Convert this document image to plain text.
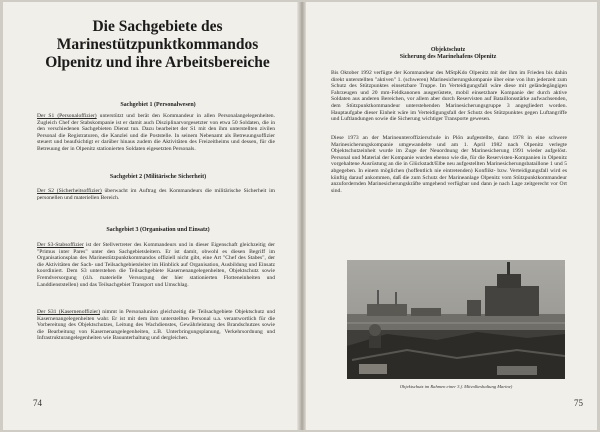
Die Sachgebiete des
Marinestützpunktkommandos
Olpenitz und ihre Arbeitsbereiche
Sachgebiet 1 (Personalwesen)
Der S1 (Personaloffizier) unterstützt und berät den Kommandeur in allen Personalangelegenheiten. Zugleich Chef der Stabskompanie ist er damit auch Disziplinarvorgesetzter von etwa 50 Soldaten, die in den verschiedenen Sachgebieten Dienst tun. Dazu bearbeitet der S1 mit den ihm unterstellten zivilen Personal die Registraturen, die Kanzlei und die Poststelle. In seinem Nebenamt als Betreuungsoffizier steuert und beaufsichtigt er darüber hinaus zudem die Aktivitäten des Freizeitheims und dessen, für die Betreuung der in Olpenitz stationierten Soldaten eigesetzten Personals.
Sachgebiet 2 (Militärische Sicherheit)
Der S2 (Sicherheitsoffizier) überwacht im Auftrag des Kommandeurs die militärische Sicherheit im personellen und materiellen Bereich.
Sachgebiet 3 (Organisation und Einsatz)
Der S3-Stabsoffizier ist der Stellvertreter des Kommandeurs und in dieser Eigenschaft gleichzeitig der "Primus inter Pares" unter den Sachgebietsleitern. Er ist damit, obwohl es diesen Begriff im Organisationsplan des Marinestützpunktkommandos offiziell nicht gibt, eine Art "Chef des Stabes", der die Aktivitäten der Sach- und Teilsachgebietsleiter im Hinblick auf Organisation, Ausbildung und Einsatz koordiniert. Dem S3 unterstehen die Teilsachgebiete Kasernenangelegenheiten, Objektschutz sowie Fremdversorgung (d.h. materielle Versorgung der hier stationierten Flotteneinheiten und Landdienststellen) und das Teilsachgebiet Transport und Umschlag.
Der S31 (Kasernenoffizier) nimmt in Personalunion gleichzeitig die Teilsachgebiete Objektschutz und Kasernenangelegenheiten wahr. Er ist mit dem ihm unterstellten Personal u.a. verantwortlich für die Vorbereitung des Objektschutzes, Leitung des Wachdienstes, Gewährleistung des Brandschutzes sowie die Bearbeitung von Kasernenangelegenheiten, z.B. Unterbringungsplanung, Verkehrsordnung und Infrastrukturangelegenheiten wie Bauunterhaltung und dergleichen.
74
Objektschutz
Sicherung des Marinehafens Olpenitz
Bis Oktober 1992 verfügte der Kommandeur des MStpKdo Olpenitz mit der ihm im Frieden bis dahin direkt unterstellten "aktiven" 1. (schweren) Marinesicherungskompanie über eine von ihm jederzeit zum Schutz des Stützpunktes einsetzbare Truppe. Im Verteidigungsfall wäre diese mit geländegängigen Fahrzeugen und 20 mm-Feldkanonen ausgerüstete, mobil einsetzbare Kompanie der durch aktive Soldaten aus anderen Bereichen, vor allem aber durch Reservisten auf Bataillonsstärke aufwachsenden, dem Stützpunktkommandeur unterstehenden Marinesicherungsgruppe 3 angegliedert worden. Hauptaufgabe dieser Einheit wäre im Verteidigungsfall der Schutz des Stützpunktes gegen Luftangriffe und Luftlandungen sowie die Sicherung wichtiger Transporte gewesen.
Diese 1973 an der Marineunteroffizierschule in Plön aufgestellte, dann 1978 in eine schwere Marinesicherungskompanie umgewandelte und am 1. April 1982 nach Olpenitz verlegte Objektschutzeinheit wurde im Zuge der Neuordnung der Marinesicherung 1991 wieder aufgelöst. Personal und Material der Kompanie wurden ebenso wie die, für die Reservisten-Kompanien in Olpenitz vorgehaltene Ausrüstung an die in Glückstadt/Elbe neu aufgestellten Marinesicherungsbataillone 1 und 5 abgegeben. In einem möglichen (hoffentlich nie eintretenden) Konflikt- bzw. Verteidigungsfall wird es künftig darauf ankommen, daß die zum Schutz der Marineanlage Olpenitz vom Stützpunktkommandeur anzufordernden Marinesicherungskräfte umgehend verfügbar und dann je nach Lage zeitgerecht vor Ort sind.
Objektschutz im Rahmen einer 3.f. Mitvolkeshaltung Marine)
75
